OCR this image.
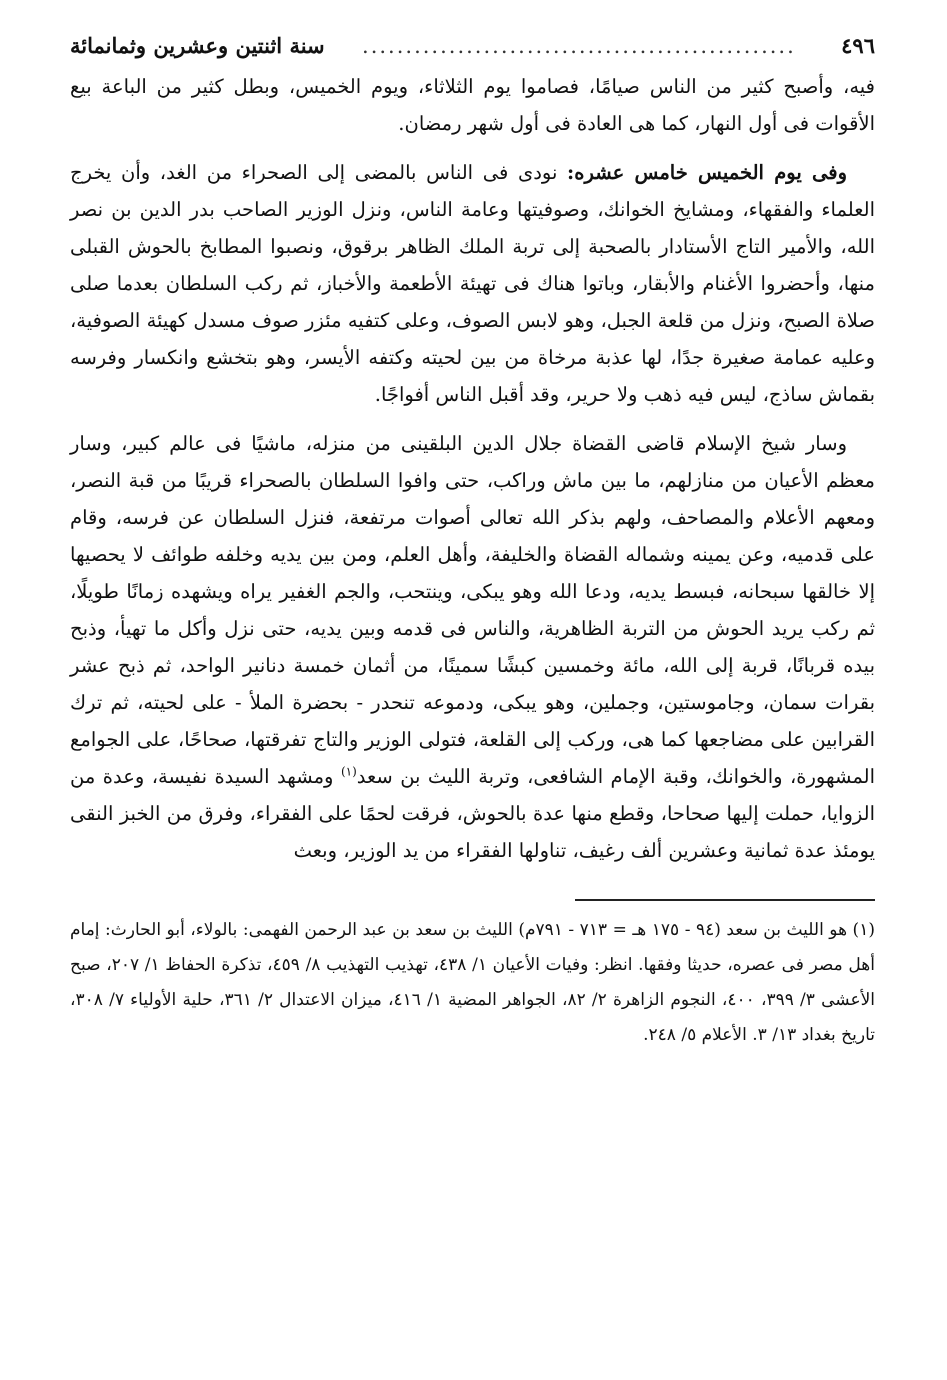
٤٩٦
..................................................
سنة اثنتين وعشرين وثمانمائة

فيه، وأصبح كثير من الناس صيامًا، فصاموا يوم الثلاثاء، ويوم الخميس، وبطل كثير من الباعة بيع الأقوات فى أول النهار، كما هى العادة فى أول شهر رمضان.

وفى يوم الخميس خامس عشره: نودى فى الناس بالمضى إلى الصحراء من الغد، وأن يخرج العلماء والفقهاء، ومشايخ الخوانك، وصوفيتها وعامة الناس، ونزل الوزير الصاحب بدر الدين بن نصر الله، والأمير التاج الأستادار بالصحبة إلى تربة الملك الظاهر برقوق، ونصبوا المطابخ بالحوش القبلى منها، وأحضروا الأغنام والأبقار، وباتوا هناك فى تهيئة الأطعمة والأخباز، ثم ركب السلطان بعدما صلى صلاة الصبح، ونزل من قلعة الجبل، وهو لابس الصوف، وعلى كتفيه مئزر صوف مسدل كهيئة الصوفية، وعليه عمامة صغيرة جدًا، لها عذبة مرخاة من بين لحيته وكتفه الأيسر، وهو بتخشع وانكسار وفرسه بقماش ساذج، ليس فيه ذهب ولا حرير، وقد أقبل الناس أفواجًا.

وسار شيخ الإسلام قاضى القضاة جلال الدين البلقينى من منزله، ماشيًا فى عالم كبير، وسار معظم الأعيان من منازلهم، ما بين ماش وراكب، حتى وافوا السلطان بالصحراء قريبًا من قبة النصر، ومعهم الأعلام والمصاحف، ولهم بذكر الله تعالى أصوات مرتفعة، فنزل السلطان عن فرسه، وقام على قدميه، وعن يمينه وشماله القضاة والخليفة، وأهل العلم، ومن بين يديه وخلفه طوائف لا يحصيها إلا خالقها سبحانه، فبسط يديه، ودعا الله وهو يبكى، وينتحب، والجم الغفير يراه ويشهده زمانًا طويلًا، ثم ركب يريد الحوش من التربة الظاهرية، والناس فى قدمه وبين يديه، حتى نزل وأكل ما تهيأ، وذبح بيده قربانًا، قربة إلى الله، مائة وخمسين كبشًا سمينًا، من أثمان خمسة دنانير الواحد، ثم ذبح عشر بقرات سمان، وجاموستين، وجملين، وهو يبكى، ودموعه تنحدر - بحضرة الملأ - على لحيته، ثم ترك القرابين على مضاجعها كما هى، وركب إلى القلعة، فتولى الوزير والتاج تفرقتها، صحاحًا، على الجوامع المشهورة، والخوانك، وقبة الإمام الشافعى، وتربة الليث بن سعد$^{(١)}$ ومشهد السيدة نفيسة، وعدة من الزوايا، حملت إليها صحاحا، وقطع منها عدة بالحوش، فرقت لحمًا على الفقراء، وفرق من الخبز النقى يومئذ عدة ثمانية وعشرين ألف رغيف، تناولها الفقراء من يد الوزير، وبعث

(١) هو الليث بن سعد (٩٤ - ١٧٥ هـ = ٧١٣ - ٧٩١م) الليث بن سعد بن عبد الرحمن الفهمى: بالولاء، أبو الحارث: إمام أهل مصر فى عصره، حديثا وفقها. انظر: وفيات الأعيان ١/ ٤٣٨، تهذيب التهذيب ٨/ ٤٥٩، تذكرة الحفاظ ١/ ٢٠٧، صبح الأعشى ٣/ ٣٩٩، ٤٠٠، النجوم الزاهرة ٢/ ٨٢، الجواهر المضية ١/ ٤١٦، ميزان الاعتدال ٢/ ٣٦١، حلية الأولياء ٧/ ٣٠٨، تاريخ بغداد ١٣/ ٣. الأعلام ٥/ ٢٤٨.
